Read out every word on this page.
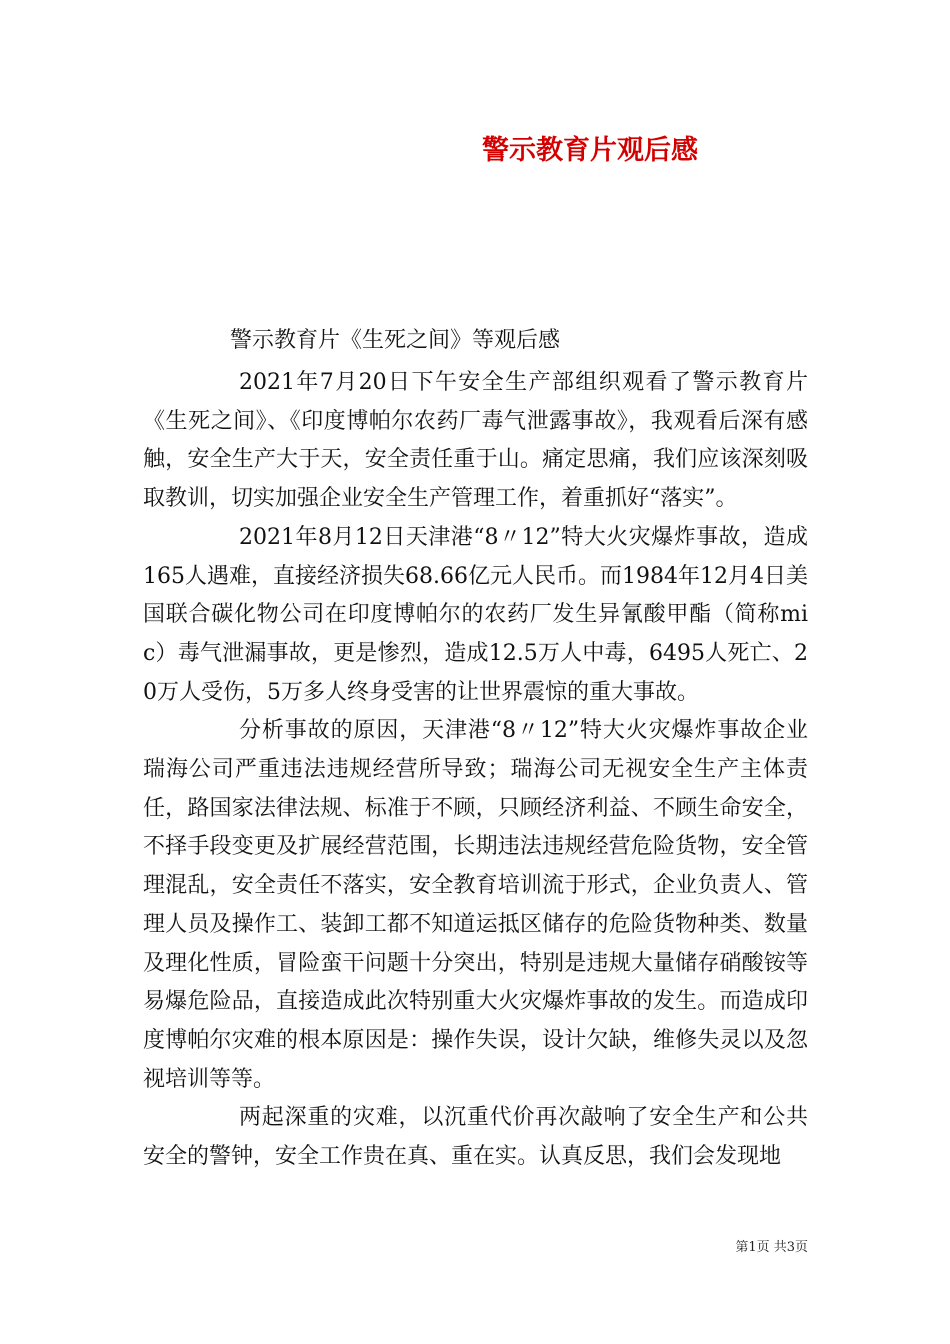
警示教育片观后感
警示教育片《生死之间》等观后感

2021年7月20日下午安全生产部组织观看了警示教育片《生死之间》、《印度博帕尔农药厂毒气泄露事故》，我观看后深有感触，安全生产大于天，安全责任重于山。痛定思痛，我们应该深刻吸取教训，切实加强企业安全生产管理工作，着重抓好“落实”。

2021年8月12日天津港“8〃12”特大火灾爆炸事故，造成165人遇难，直接经济损失68.66亿元人民币。而1984年12月4日美国联合碳化物公司在印度博帕尔的农药厂发生异氰酸甲酯（简称mic）毒气泄漏事故，更是惨烈，造成12.5万人中毒，6495人死亡、20万人受伤，5万多人终身受害的让世界震惊的重大事故。

分析事故的原因，天津港“8〃12”特大火灾爆炸事故企业瑞海公司严重违法违规经营所导致；瑞海公司无视安全生产主体责任，路国家法律法规、标准于不顾，只顾经济利益、不顾生命安全，不择手段变更及扩展经营范围，长期违法违规经营危险货物，安全管理混乱，安全责任不落实，安全教育培训流于形式，企业负责人、管理人员及操作工、装卸工都不知道运抵区储存的危险货物种类、数量及理化性质，冒险蛮干问题十分突出，特别是违规大量储存硝酸铵等易爆危险品，直接造成此次特别重大火灾爆炸事故的发生。而造成印度博帕尔灾难的根本原因是：操作失误，设计欠缺，维修失灵以及忽视培训等等。

两起深重的灾难，以沉重代价再次敲响了安全生产和公共安全的警钟，安全工作贵在真、重在实。认真反思，我们会发现地

第1页 共3页
